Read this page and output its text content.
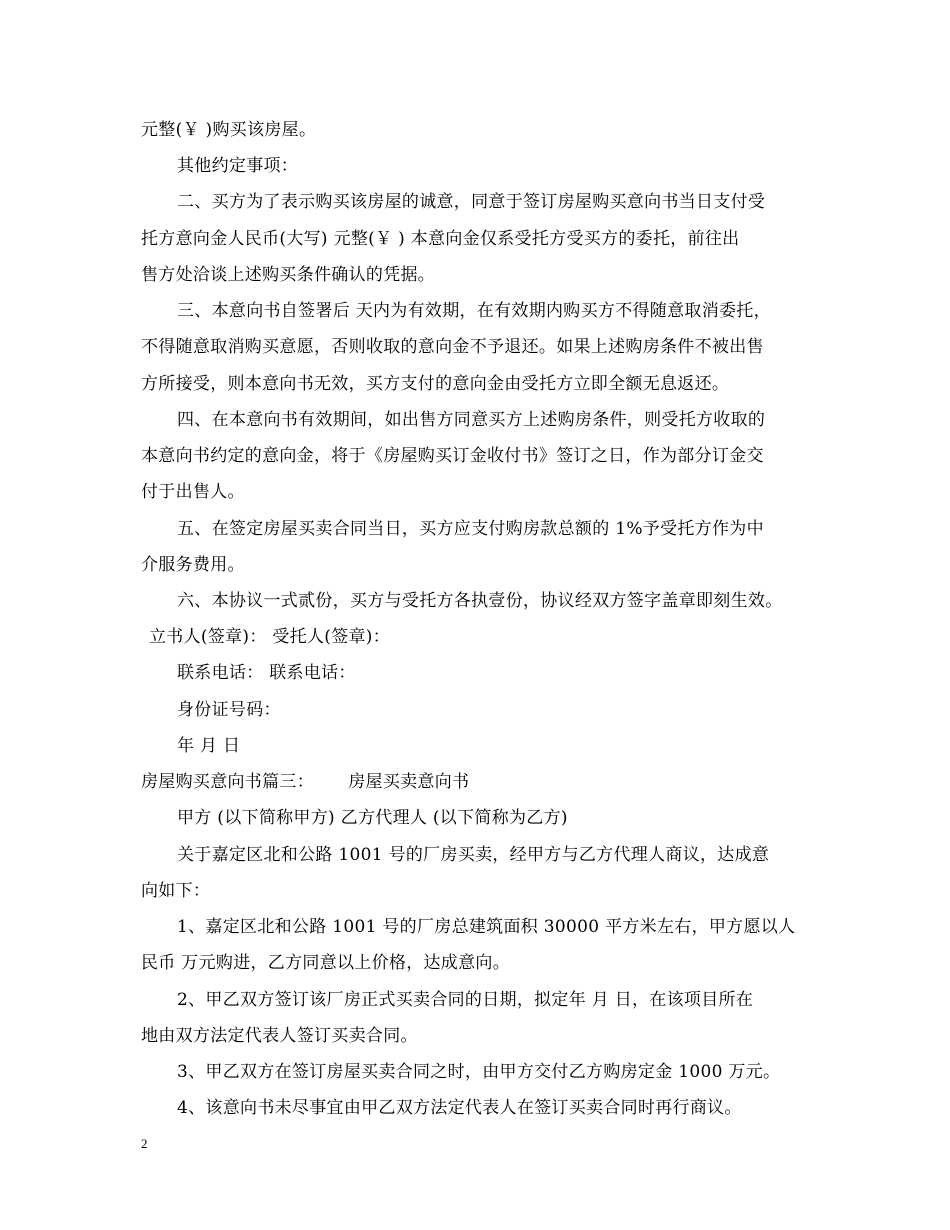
元整(￥ )购买该房屋。
其他约定事项：
二、买方为了表示购买该房屋的诚意，同意于签订房屋购买意向书当日支付受
托方意向金人民币(大写) 元整(￥ ) 本意向金仅系受托方受买方的委托，前往出
售方处洽谈上述购买条件确认的凭据。
三、本意向书自签署后 天内为有效期，在有效期内购买方不得随意取消委托，
不得随意取消购买意愿，否则收取的意向金不予退还。如果上述购房条件不被出售
方所接受，则本意向书无效，买方支付的意向金由受托方立即全额无息返还。
四、在本意向书有效期间，如出售方同意买方上述购房条件，则受托方收取的
本意向书约定的意向金，将于《房屋购买订金收付书》签订之日，作为部分订金交
付于出售人。
五、在签定房屋买卖合同当日，买方应支付购房款总额的 1%予受托方作为中
介服务费用。
六、本协议一式贰份，买方与受托方各执壹份，协议经双方签字盖章即刻生效。
立书人(签章)： 受托人(签章)：
联系电话： 联系电话：
身份证号码：
年 月 日
房屋购买意向书篇三：      房屋买卖意向书
甲方 (以下简称甲方) 乙方代理人 (以下简称为乙方)
关于嘉定区北和公路 1001 号的厂房买卖，经甲方与乙方代理人商议，达成意
向如下：
1、嘉定区北和公路 1001 号的厂房总建筑面积 30000 平方米左右，甲方愿以人
民币 万元购进，乙方同意以上价格，达成意向。
2、甲乙双方签订该厂房正式买卖合同的日期，拟定年 月 日，在该项目所在
地由双方法定代表人签订买卖合同。
3、甲乙双方在签订房屋买卖合同之时，由甲方交付乙方购房定金 1000 万元。
4、该意向书未尽事宜由甲乙双方法定代表人在签订买卖合同时再行商议。
2
